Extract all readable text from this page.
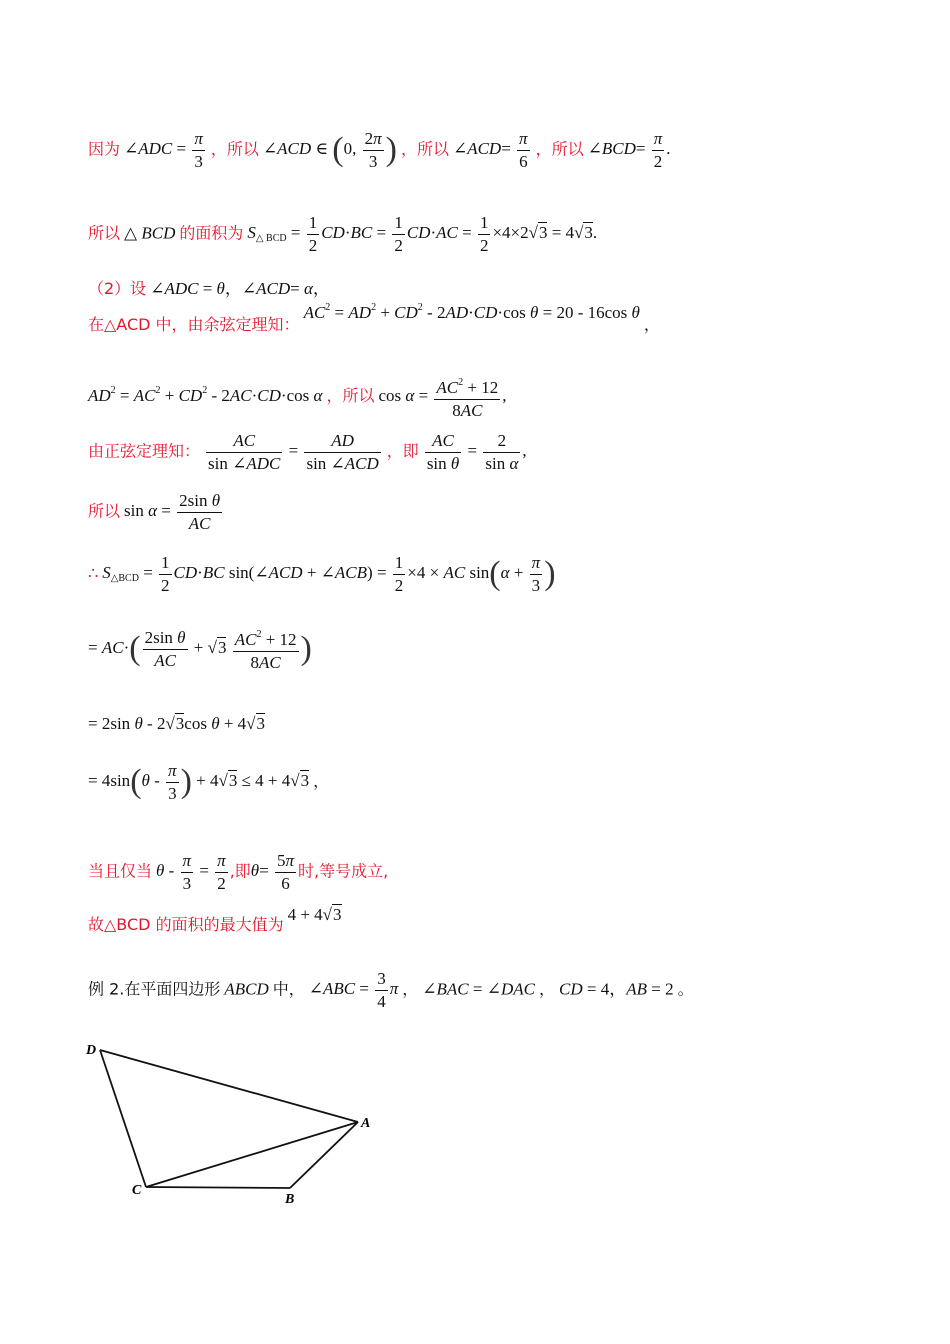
因为 ∠ADC = $\frac{\pi}{3}$ ，所以 ∠ACD ∈ (0, $\frac{2\pi}{3}$ ) ，所以 ∠ACD= $\frac{\pi}{6}$ ，所以 ∠BCD= $\frac{\pi}{2}$ .
所以 △ BCD 的面积为 $S_{\triangle BCD} = \frac{1}{2} CD\cdot BC = \frac{1}{2} CD\cdot AC = \frac{1}{2} \times 4\times 2√3 = 4√3$.
（2）设 ∠ADC = θ，∠ACD= α，
在△ACD 中，由余弦定理知： $AC^2 = AD^2 + CD^2 - 2AD\cdot CD\cdot\cos$ θ = 20 - 16cos θ ，
$AD^2 = AC^2 + CD^2 - 2AC\cdot CD\cdot\cos$ α ，所以 $\cos \alpha = \frac{AC^2 + 12}{8AC}$ ,
由正弦定理知： $\frac{AC}{\text{sin ∠ADC}} = \frac{AD}{\text{sin ∠ACD}}$ ，即 $\frac{AC}{\text{sin θ}} = \frac{2}{\text{sin α}}$ ,
所以 $\sin \alpha = \frac{\text{2sin θ}}{AC}$
∴ $S_{\triangle BCD} = \frac{1}{2} CD\cdot BC$ sin(∠ACD + ∠ACB) = $\frac{1}{2} \times 4$ × AC $\sin(\alpha + \frac{\pi}{3}$ )
= $AC\cdot( \frac{\text{2sin θ}}{AC} + √3 \frac{AC^2 + 12}{8AC}$ )
= 2sin θ - 2√3cos θ + 4√3
= $4\sin(\theta - \frac{\pi}{3}$ ) + 4√3 ≤ 4 + 4√3 ，
当且仅当 $\theta - \frac{\pi}{3} = \frac{\pi}{2}$ ,即$\theta= \frac{5\pi}{6}$ 时,等号成立,
故△BCD 的面积的最大值为 4 + 4√3
例 2.在平面四边形 ABCD 中， ∠ABC = $\frac{3}{4}$ π ， ∠BAC = ∠DAC ， CD = 4，AB = 2 。
D
A
C
B
